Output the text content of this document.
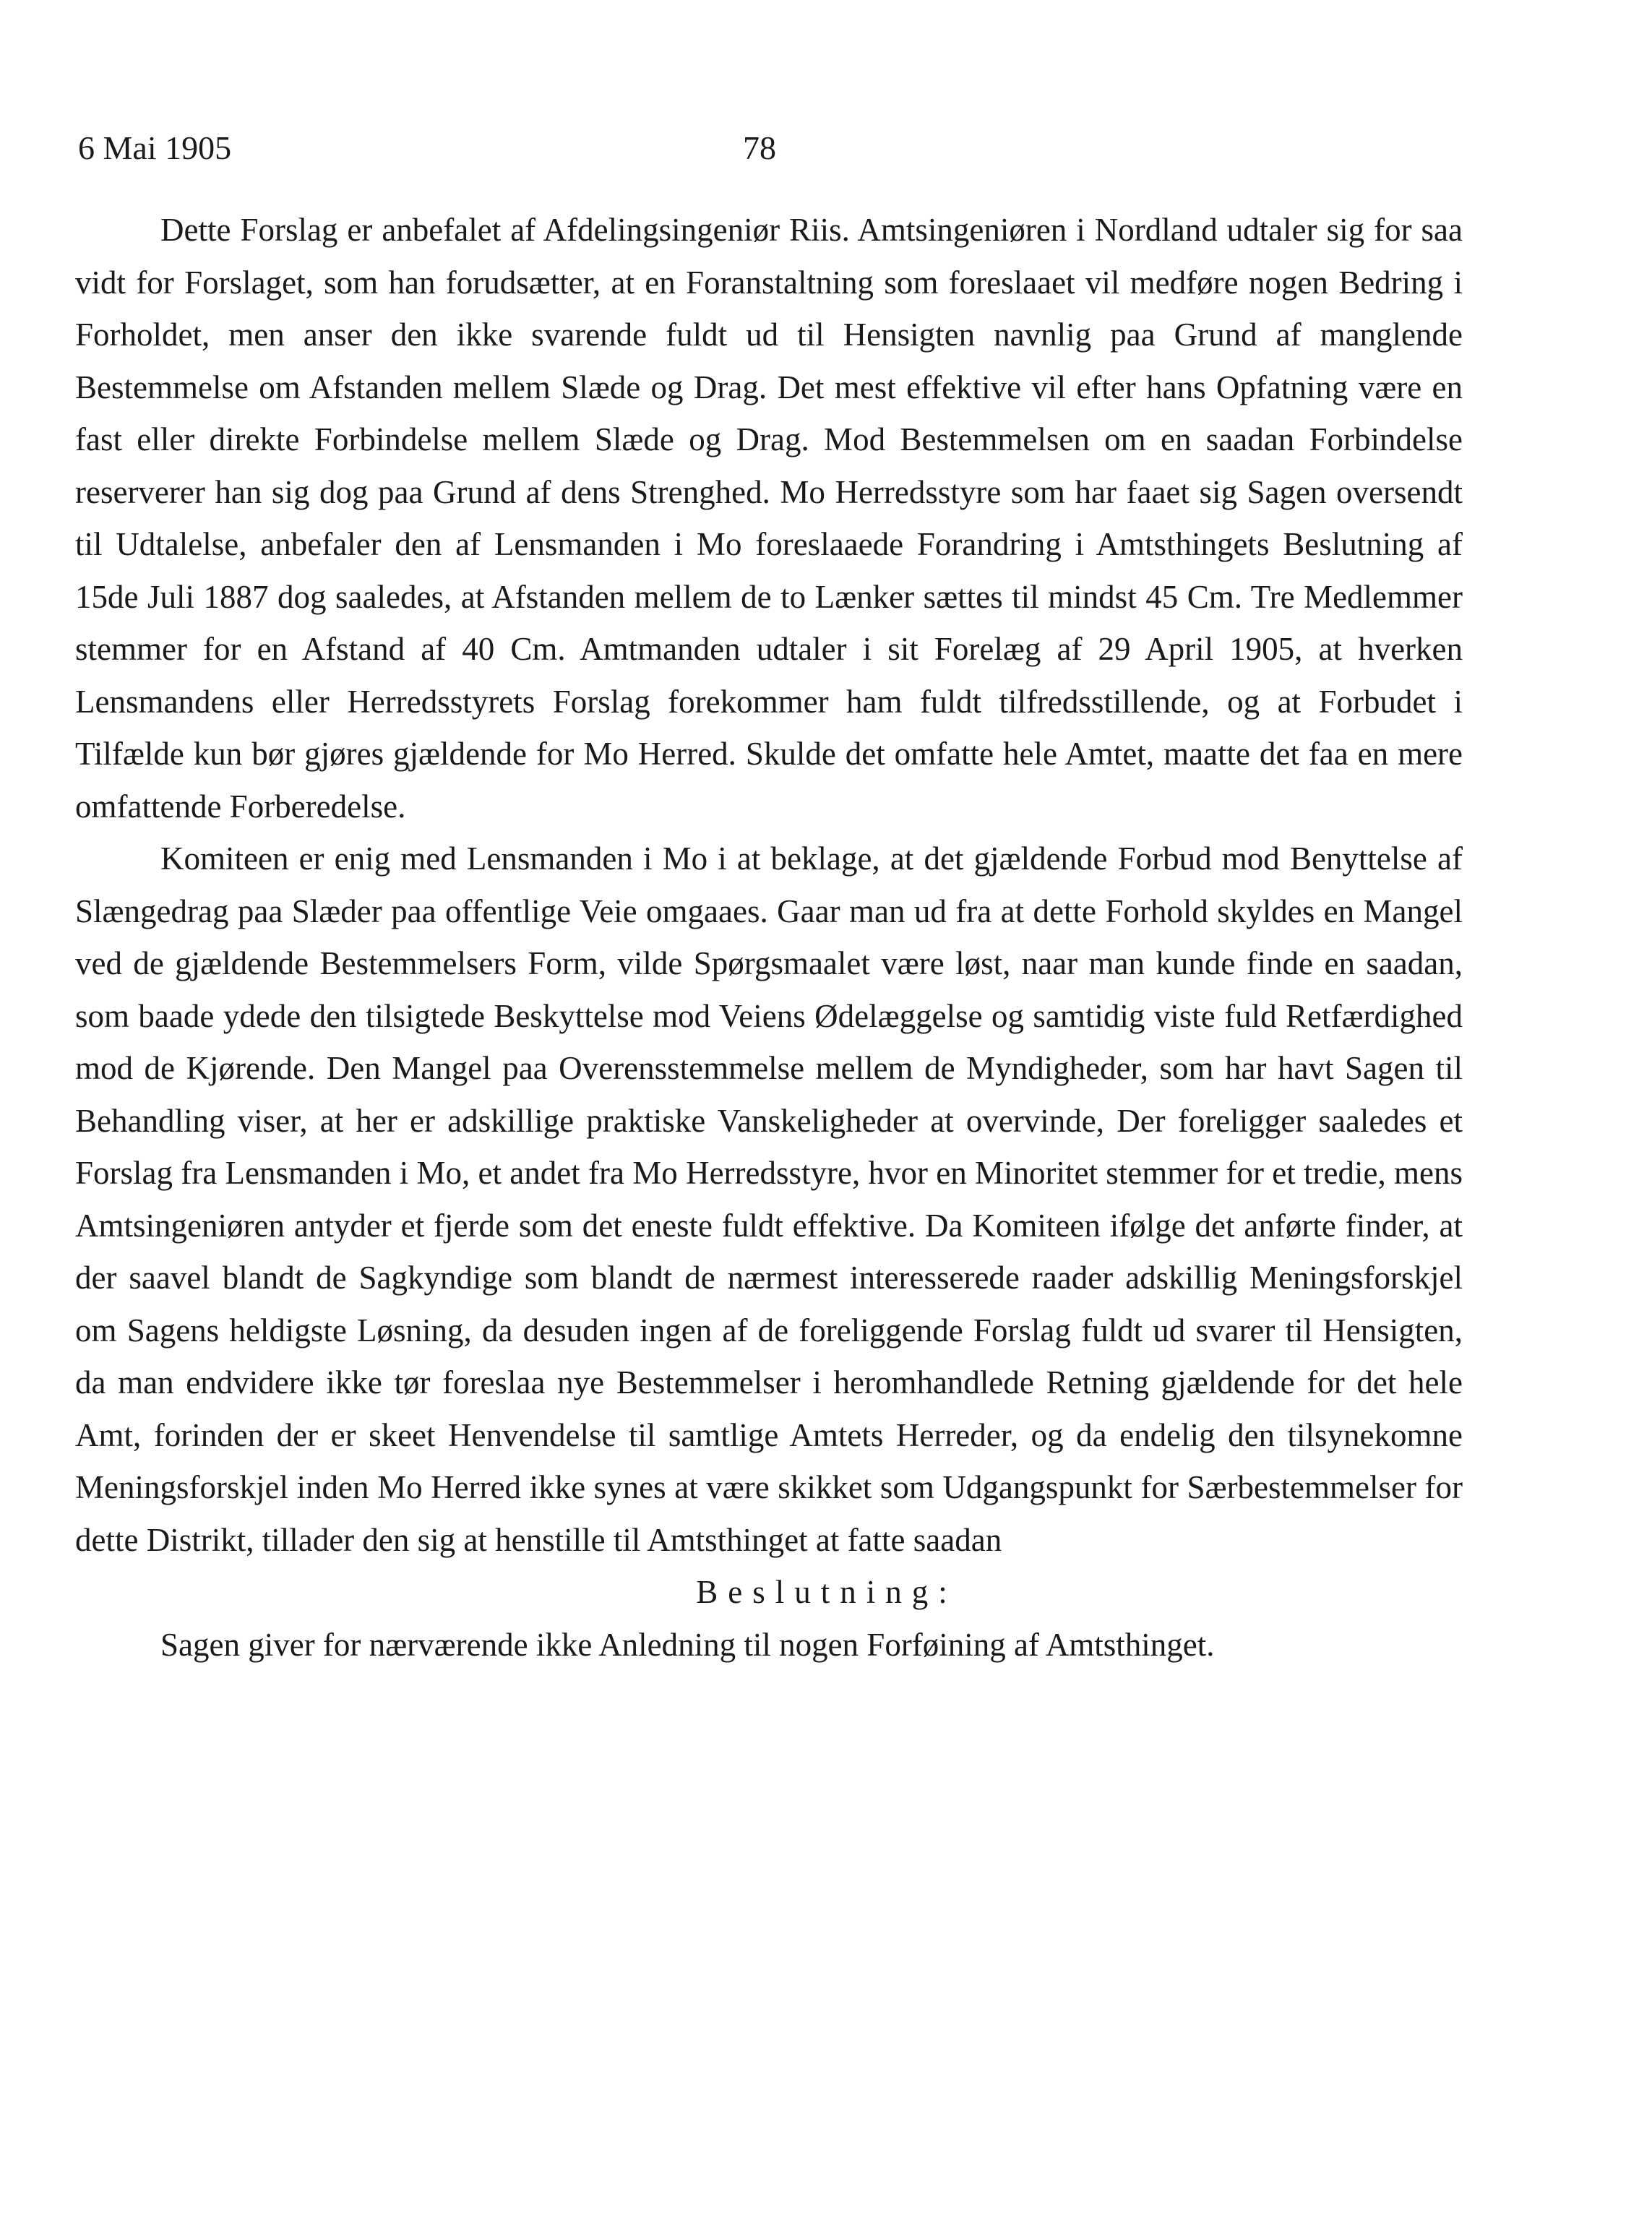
6 Mai 1905	78

Dette Forslag er anbefalet af Afdelingsingeniør Riis. Amtsingeniøren i Nordland udtaler sig for saa vidt for Forslaget, som han forudsætter, at en Foranstaltning som foreslaaet vil medføre nogen Bedring i Forholdet, men anser den ikke svarende fuldt ud til Hensigten navnlig paa Grund af manglende Bestemmelse om Afstanden mellem Slæde og Drag. Det mest effektive vil efter hans Opfatning være en fast eller direkte Forbindelse mellem Slæde og Drag. Mod Bestemmelsen om en saadan Forbindelse reserverer han sig dog paa Grund af dens Strenghed. Mo Herredsstyre som har faaet sig Sagen oversendt til Udtalelse, anbefaler den af Lensmanden i Mo foreslaaede Forandring i Amtsthingets Beslutning af 15de Juli 1887 dog saaledes, at Afstanden mellem de to Lænker sættes til mindst 45 Cm. Tre Medlemmer stemmer for en Afstand af 40 Cm. Amtmanden udtaler i sit Forelæg af 29 April 1905, at hverken Lensmandens eller Herredsstyrets Forslag forekommer ham fuldt tilfredsstillende, og at Forbudet i Tilfælde kun bør gjøres gjældende for Mo Herred. Skulde det omfatte hele Amtet, maatte det faa en mere omfattende Forberedelse.

Komiteen er enig med Lensmanden i Mo i at beklage, at det gjældende Forbud mod Benyttelse af Slængedrag paa Slæder paa offentlige Veie omgaaes. Gaar man ud fra at dette Forhold skyldes en Mangel ved de gjældende Bestemmelsers Form, vilde Spørgsmaalet være løst, naar man kunde finde en saadan, som baade ydede den tilsigtede Beskyttelse mod Veiens Ødelæggelse og samtidig viste fuld Retfærdighed mod de Kjørende. Den Mangel paa Overensstemmelse mellem de Myndigheder, som har havt Sagen til Behandling viser, at her er adskillige praktiske Vanskeligheder at overvinde, Der foreligger saaledes et Forslag fra Lensmanden i Mo, et andet fra Mo Herredsstyre, hvor en Minoritet stemmer for et tredie, mens Amtsingeniøren antyder et fjerde som det eneste fuldt effektive. Da Komiteen ifølge det anførte finder, at der saavel blandt de Sagkyndige som blandt de nærmest interesserede raader adskillig Meningsforskjel om Sagens heldigste Løsning, da desuden ingen af de foreliggende Forslag fuldt ud svarer til Hensigten, da man endvidere ikke tør foreslaa nye Bestemmelser i heromhandlede Retning gjældende for det hele Amt, forinden der er skeet Henvendelse til samtlige Amtets Herreder, og da endelig den tilsynekomne Meningsforskjel inden Mo Herred ikke synes at være skikket som Udgangspunkt for Særbestemmelser for dette Distrikt, tillader den sig at henstille til Amtsthinget at fatte saadan

Beslutning:

Sagen giver for nærværende ikke Anledning til nogen Forføining af Amtsthinget.
